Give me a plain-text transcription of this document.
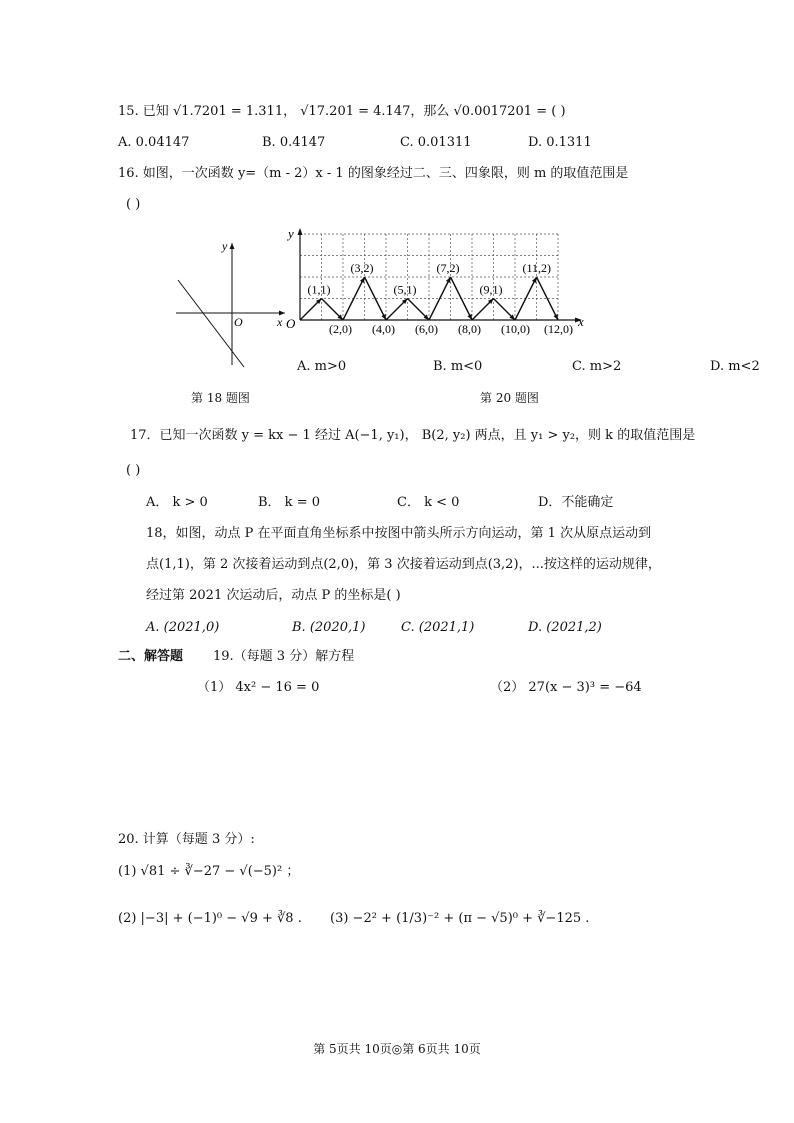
15. 已知 √1.7201 = 1.311， √17.201 = 4.147，那么 √0.0017201 = ( )
A. 0.04147	B. 0.4147	C. 0.01311	D. 0.1311
16. 如图，一次函数 y=（m - 2）x - 1 的图象经过二、三、四象限，则 m 的取值范围是
( )
y
x
O
第 18 题图
(1,1)
(3,2)
(5,1)
(7,2)
(9,1)
(11,2)
(2,0) (4,0) (6,0) (8,0) (10,0) (12,0)
y
x
O
第 20 题图
A. m>0	B. m<0	C. m>2	D. m<2
17．已知一次函数 y = kx − 1 经过 A(−1, y₁)， B(2, y₂) 两点，且 y₁ > y₂，则 k 的取值范围是
( )
A． k > 0	B． k = 0	C． k < 0	D．不能确定
18，如图，动点 P 在平面直角坐标系中按图中箭头所示方向运动，第 1 次从原点运动到
点(1,1)，第 2 次接着运动到点(2,0)，第 3 次接着运动到点(3,2)，...按这样的运动规律，
经过第 2021 次运动后，动点 P 的坐标是( )
A. (2021,0)	B. (2020,1)	C. (2021,1)	D. (2021,2)
二、解答题 19.（每题 3 分）解方程
（1） 4x² − 16 = 0	（2） 27(x − 3)³ = −64
20. 计算（每题 3 分）:
(1) √81 ÷ ∛−27 − √(−5)² ；
(2) |−3| + (−1)⁰ − √9 + ∛8 . (3) −2² + (1/3)⁻² + (π − √5)⁰ + ∛−125 .
第 5页共 10页◎第 6页共 10页
